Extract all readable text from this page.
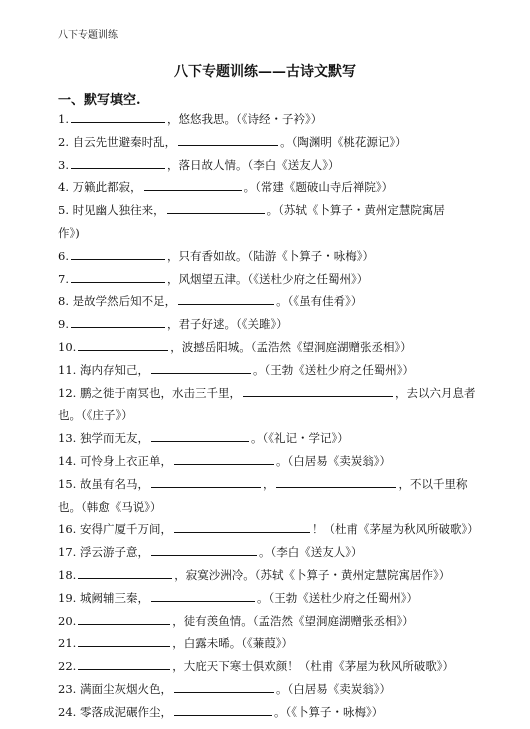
八下专题训练
八下专题训练——古诗文默写
一、默写填空.
1.	，悠悠我思。（《诗经・子衿》）
2. 自云先世避秦时乱，	。（陶渊明《桃花源记》）
3.	，落日故人情。（李白《送友人》）
4. 万籁此都寂，	。（常建《题破山寺后禅院》）
5. 时见幽人独往来，	。（苏轼《卜算子・黄州定慧院寓居
作》)
6.	，只有香如故。（陆游《卜算子・咏梅》）
7.	，风烟望五津。（《送杜少府之任蜀州》）
8. 是故学然后知不足，	。（《虽有佳肴》）
9.	，君子好逑。（《关雎》）
10.	，波撼岳阳城。（孟浩然《望洞庭湖赠张丞相》）
11. 海内存知己，	。（王勃《送杜少府之任蜀州》）
12. 鹏之徙于南冥也，水击三千里，	，去以六月息者
也。（《庄子》）
13. 独学而无友，	。（《礼记・学记》）
14. 可怜身上衣正单，	。（白居易《卖炭翁》）
15. 故虽有名马，	，	，不以千里称
也。（韩愈《马说》）
16. 安得广厦千万间，	！（杜甫《茅屋为秋风所破歌》）
17. 浮云游子意，	。（李白《送友人》）
18.	，寂寞沙洲冷。（苏轼《卜算子・黄州定慧院寓居作》）
19. 城阙辅三秦，	。（王勃《送杜少府之任蜀州》）
20.	，徒有羡鱼情。（孟浩然《望洞庭湖赠张丞相》）
21.	，白露未晞。（《蒹葭》）
22.	，大庇天下寒士俱欢颜！（杜甫《茅屋为秋风所破歌》）
23. 满面尘灰烟火色，	。（白居易《卖炭翁》）
24. 零落成泥碾作尘，	。（《卜算子・咏梅》）
